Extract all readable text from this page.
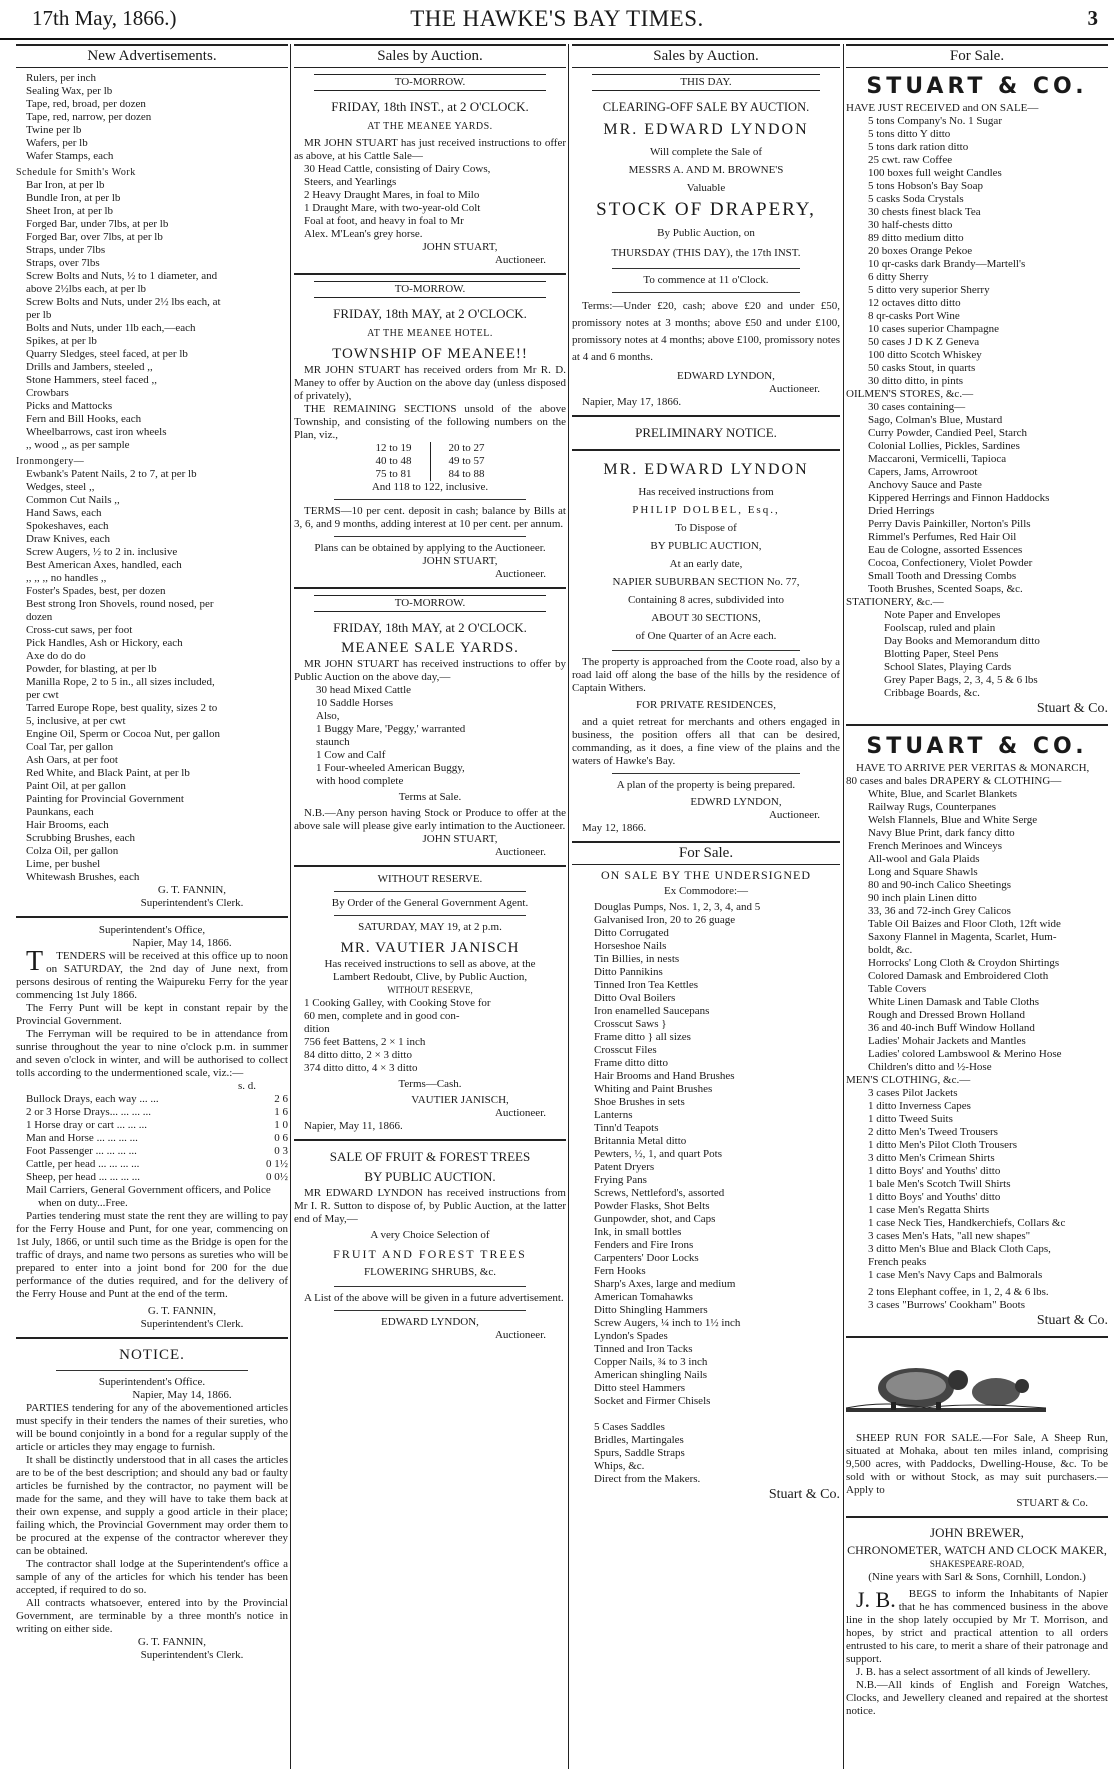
17th May, 1866.)	THE HAWKE'S BAY TIMES.	3
New Advertisements.
Rulers, per inch
Sealing Wax, per lb
Tape, red, broad, per dozen
Tape, red, narrow, per dozen
Twine per lb
Wafers, per lb
Wafer Stamps, each
Schedule for Smith's Work
Bar Iron, at per lb
Bundle Iron, at per lb
Sheet Iron, at per lb
Forged Bar, under 7lbs, at per lb
Forged Bar, over 7lbs, at per lb
Straps, under 7lbs
Straps, over 7lbs
Screw Bolts and Nuts, ½ to 1 diameter, and
above 2½lbs each, at per lb
Screw Bolts and Nuts, under 2½ lbs each, at
per lb
Bolts and Nuts, under 1lb each,—each
Spikes, at per lb
Quarry Sledges, steel faced, at per lb
Drills and Jambers, steeled ,,
Stone Hammers, steel faced ,,
Crowbars
Picks and Mattocks
Fern and Bill Hooks, each
Wheelbarrows, cast iron wheels
,, wood ,, as per sample
Ironmongery—
Ewbank's Patent Nails, 2 to 7, at per lb
Wedges, steel ,,
Common Cut Nails ,,
Hand Saws, each
Spokeshaves, each
Draw Knives, each
Screw Augers, ½ to 2 in. inclusive
Best American Axes, handled, each
,, ,, ,, no handles ,,
Foster's Spades, best, per dozen
Best strong Iron Shovels, round nosed, per
dozen
Cross-cut saws, per foot
Pick Handles, Ash or Hickory, each
Axe do do do
Powder, for blasting, at per lb
Manilla Rope, 2 to 5 in., all sizes included,
per cwt
Tarred Europe Rope, best quality, sizes 2 to
5, inclusive, at per cwt
Engine Oil, Sperm or Cocoa Nut, per gallon
Coal Tar, per gallon
Ash Oars, at per foot
Red White, and Black Paint, at per lb
Paint Oil, at per gallon
Painting for Provincial Government
Paunkans, each
Hair Brooms, each
Scrubbing Brushes, each
Colza Oil, per gallon
Lime, per bushel
Whitewash Brushes, each
G. T. FANNIN,
Superintendent's Clerk.
Superintendent's Office,
Napier, May 14, 1866.
T TENDERS will be received at this office up to noon on SATURDAY, the 2nd day of June next, from persons desirous of renting the Waipureku Ferry for the year commencing 1st July 1866.
The Ferry Punt will be kept in constant repair by the Provincial Government.
The Ferryman will be required to be in attendance from sunrise throughout the year to nine o'clock p.m. in summer and seven o'clock in winter, and will be authorised to collect tolls according to the undermentioned scale, viz.:—
s. d.
Bullock Drays, each way ... ...	2 6
2 or 3 Horse Drays... ... ... ...	1 6
1 Horse dray or cart ... ... ...	1 0
Man and Horse ... ... ... ...	0 6
Foot Passenger ... ... ... ...	0 3
Cattle, per head ... ... ... ...	0 1½
Sheep, per head ... ... ... ...	0 0½
Mail Carriers, General Government officers, and Police when on duty...Free.
Parties tendering must state the rent they are willing to pay for the Ferry House and Punt, for one year, commencing on 1st July, 1866, or until such time as the Bridge is open for the traffic of drays, and name two persons as sureties who will be prepared to enter into a joint bond for 200 for the due performance of the duties required, and for the delivery of the Ferry House and Punt at the end of the term.
G. T. FANNIN,
Superintendent's Clerk.
NOTICE.
Superintendent's Office.
Napier, May 14, 1866.
PARTIES tendering for any of the abovementioned articles must specify in their tenders the names of their sureties, who will be bound conjointly in a bond for a regular supply of the article or articles they may engage to furnish.
It shall be distinctly understood that in all cases the articles are to be of the best description; and should any bad or faulty articles be furnished by the contractor, no payment will be made for the same, and they will have to take them back at their own expense, and supply a good article in their place; failing which, the Provincial Government may order them to be procured at the expense of the contractor wherever they can be obtained.
The contractor shall lodge at the Superintendent's office a sample of any of the articles for which his tender has been accepted, if required to do so.
All contracts whatsoever, entered into by the Provincial Government, are terminable by a three month's notice in writing on either side.
G. T. FANNIN,
Superintendent's Clerk.
Sales by Auction.
TO-MORROW.
FRIDAY, 18th INST., at 2 O'CLOCK.
AT THE MEANEE YARDS.
MR JOHN STUART has just received instructions to offer as above, at his Cattle Sale—
30 Head Cattle, consisting of Dairy Cows,
Steers, and Yearlings
2 Heavy Draught Mares, in foal to Milo
1 Draught Mare, with two-year-old Colt
Foal at foot, and heavy in foal to Mr
Alex. M'Lean's grey horse.
JOHN STUART,
Auctioneer.
TO-MORROW.
FRIDAY, 18th MAY, at 2 O'CLOCK.
AT THE MEANEE HOTEL.
TOWNSHIP OF MEANEE!!
MR JOHN STUART has received orders from Mr R. D. Maney to offer by Auction on the above day (unless disposed of privately),
THE REMAINING SECTIONS unsold of the above Township, and consisting of the following numbers on the Plan, viz.,
12 to 19	20 to 27
40 to 48	49 to 57
75 to 81	84 to 88
And 118 to 122, inclusive.
TERMS—10 per cent. deposit in cash; balance by Bills at 3, 6, and 9 months, adding interest at 10 per cent. per annum.
Plans can be obtained by applying to the Auctioneer.
JOHN STUART,
Auctioneer.
TO-MORROW.
FRIDAY, 18th MAY, at 2 O'CLOCK.
MEANEE SALE YARDS.
MR JOHN STUART has received instructions to offer by Public Auction on the above day,—
30 head Mixed Cattle
10 Saddle Horses
Also,
1 Buggy Mare, 'Peggy,' warranted
staunch
1 Cow and Calf
1 Four-wheeled American Buggy,
with hood complete
Terms at Sale.
N.B.—Any person having Stock or Produce to offer at the above sale will please give early intimation to the Auctioneer.
JOHN STUART,
Auctioneer.
WITHOUT RESERVE.
By Order of the General Government Agent.
SATURDAY, MAY 19, at 2 p.m.
MR. VAUTIER JANISCH
Has received instructions to sell as above, at the
Lambert Redoubt, Clive, by Public Auction,
WITHOUT RESERVE,
1 Cooking Galley, with Cooking Stove for
60 men, complete and in good con-
dition
756 feet Battens, 2 × 1 inch
84 ditto ditto, 2 × 3 ditto
374 ditto ditto, 4 × 3 ditto
Terms—Cash.
VAUTIER JANISCH,
Auctioneer.
Napier, May 11, 1866.
SALE OF FRUIT & FOREST TREES
BY PUBLIC AUCTION.
MR EDWARD LYNDON has received instructions from Mr I. R. Sutton to dispose of, by Public Auction, at the latter end of May,—
A very Choice Selection of
FRUIT AND FOREST TREES
FLOWERING SHRUBS, &c.
A List of the above will be given in a future advertisement.
EDWARD LYNDON,
Auctioneer.
Sales by Auction.
THIS DAY.
CLEARING-OFF SALE BY AUCTION.
MR. EDWARD LYNDON
Will complete the Sale of
MESSRS A. AND M. BROWNE'S
Valuable
STOCK OF DRAPERY,
By Public Auction, on
THURSDAY (THIS DAY), the 17th INST.
To commence at 11 o'Clock.
Terms:—Under £20, cash; above £20 and under £50, promissory notes at 3 months; above £50 and under £100, promissory notes at 4 months; above £100, promissory notes at 4 and 6 months.
EDWARD LYNDON,
Auctioneer.
Napier, May 17, 1866.
PRELIMINARY NOTICE.
MR. EDWARD LYNDON
Has received instructions from
PHILIP DOLBEL, Esq.,
To Dispose of
BY PUBLIC AUCTION,
At an early date,
NAPIER SUBURBAN SECTION No. 77,
Containing 8 acres, subdivided into
ABOUT 30 SECTIONS,
of One Quarter of an Acre each.
The property is approached from the Coote road, also by a road laid off along the base of the hills by the residence of Captain Withers.
FOR PRIVATE RESIDENCES,
and a quiet retreat for merchants and others engaged in business, the position offers all that can be desired, commanding, as it does, a fine view of the plains and the waters of Hawke's Bay.
A plan of the property is being prepared.
EDWRD LYNDON,
Auctioneer.
May 12, 1866.
For Sale.
ON SALE BY THE UNDERSIGNED
Ex Commodore:—
Douglas Pumps, Nos. 1, 2, 3, 4, and 5
Galvanised Iron, 20 to 26 guage
Ditto Corrugated
Horseshoe Nails
Tin Billies, in nests
Ditto Pannikins
Tinned Iron Tea Kettles
Ditto Oval Boilers
Iron enamelled Saucepans
Crosscut Saws }
Frame ditto } all sizes
Crosscut Files
Frame ditto ditto
Hair Brooms and Hand Brushes
Whiting and Paint Brushes
Shoe Brushes in sets
Lanterns
Tinn'd Teapots
Britannia Metal ditto
Pewters, ½, 1, and quart Pots
Patent Dryers
Frying Pans
Screws, Nettleford's, assorted
Powder Flasks, Shot Belts
Gunpowder, shot, and Caps
Ink, in small bottles
Fenders and Fire Irons
Carpenters' Door Locks
Fern Hooks
Sharp's Axes, large and medium
American Tomahawks
Ditto Shingling Hammers
Screw Augers, ¼ inch to 1½ inch
Lyndon's Spades
Tinned and Iron Tacks
Copper Nails, ¾ to 3 inch
American shingling Nails
Ditto steel Hammers
Socket and Firmer Chisels

5 Cases Saddles
Bridles, Martingales
Spurs, Saddle Straps
Whips, &c.
Direct from the Makers.
Stuart & Co.
For Sale.
STUART & CO.
HAVE JUST RECEIVED and ON SALE—
5 tons Company's No. 1 Sugar
5 tons ditto Y ditto
5 tons dark ration ditto
25 cwt. raw Coffee
100 boxes full weight Candles
5 tons Hobson's Bay Soap
5 casks Soda Crystals
30 chests finest black Tea
30 half-chests ditto
89 ditto medium ditto
20 boxes Orange Pekoe
10 qr-casks dark Brandy—Martell's
6 ditty Sherry
5 ditto very superior Sherry
12 octaves ditto ditto
8 qr-casks Port Wine
10 cases superior Champagne
50 cases J D K Z Geneva
100 ditto Scotch Whiskey
50 casks Stout, in quarts
30 ditto ditto, in pints
OILMEN'S STORES, &c.—
30 cases containing—
Sago, Colman's Blue, Mustard
Curry Powder, Candied Peel, Starch
Colonial Lollies, Pickles, Sardines
Maccaroni, Vermicelli, Tapioca
Capers, Jams, Arrowroot
Anchovy Sauce and Paste
Kippered Herrings and Finnon Haddocks
Dried Herrings
Perry Davis Painkiller, Norton's Pills
Rimmel's Perfumes, Red Hair Oil
Eau de Cologne, assorted Essences
Cocoa, Confectionery, Violet Powder
Small Tooth and Dressing Combs
Tooth Brushes, Scented Soaps, &c.
STATIONERY, &c.—
Note Paper and Envelopes
Foolscap, ruled and plain
Day Books and Memorandum ditto
Blotting Paper, Steel Pens
School Slates, Playing Cards
Grey Paper Bags, 2, 3, 4, 5 & 6 lbs
Cribbage Boards, &c.
Stuart & Co.
STUART & CO.
HAVE TO ARRIVE PER VERITAS & MONARCH,
80 cases and bales DRAPERY & CLOTHING—
White, Blue, and Scarlet Blankets
Railway Rugs, Counterpanes
Welsh Flannels, Blue and White Serge
Navy Blue Print, dark fancy ditto
French Merinoes and Winceys
All-wool and Gala Plaids
Long and Square Shawls
80 and 90-inch Calico Sheetings
90 inch plain Linen ditto
33, 36 and 72-inch Grey Calicos
Table Oil Baizes and Floor Cloth, 12ft wide
Saxony Flannel in Magenta, Scarlet, Hum-
boldt, &c.
Horrocks' Long Cloth & Croydon Shirtings
Colored Damask and Embroidered Cloth
Table Covers
White Linen Damask and Table Cloths
Rough and Dressed Brown Holland
36 and 40-inch Buff Window Holland
Ladies' Mohair Jackets and Mantles
Ladies' colored Lambswool & Merino Hose
Children's ditto and ½-Hose
MEN'S CLOTHING, &c.—
3 cases Pilot Jackets
1 ditto Inverness Capes
1 ditto Tweed Suits
2 ditto Men's Tweed Trousers
1 ditto Men's Pilot Cloth Trousers
3 ditto Men's Crimean Shirts
1 ditto Boys' and Youths' ditto
1 bale Men's Scotch Twill Shirts
1 ditto Boys' and Youths' ditto
1 case Men's Regatta Shirts
1 case Neck Ties, Handkerchiefs, Collars &c
3 cases Men's Hats, "all new shapes"
3 ditto Men's Blue and Black Cloth Caps,
French peaks
1 case Men's Navy Caps and Balmorals
2 tons Elephant coffee, in 1, 2, 4 & 6 lbs.
3 cases "Burrows' Cookham" Boots
Stuart & Co.
SHEEP RUN FOR SALE.—For Sale, A Sheep Run, situated at Mohaka, about ten miles inland, comprising 9,500 acres, with Paddocks, Dwelling-House, &c. To be sold with or without Stock, as may suit purchasers.—Apply to
STUART & Co.
JOHN BREWER,
CHRONOMETER, WATCH AND CLOCK MAKER,
SHAKESPEARE-ROAD,
(Nine years with Sarl & Sons, Cornhill, London.)
J. B. BEGS to inform the Inhabitants of Napier that he has commenced business in the above line in the shop lately occupied by Mr T. Morrison, and hopes, by strict and practical attention to all orders entrusted to his care, to merit a share of their patronage and support.
J. B. has a select assortment of all kinds of Jewellery.
N.B.—All kinds of English and Foreign Watches, Clocks, and Jewellery cleaned and repaired at the shortest notice.
